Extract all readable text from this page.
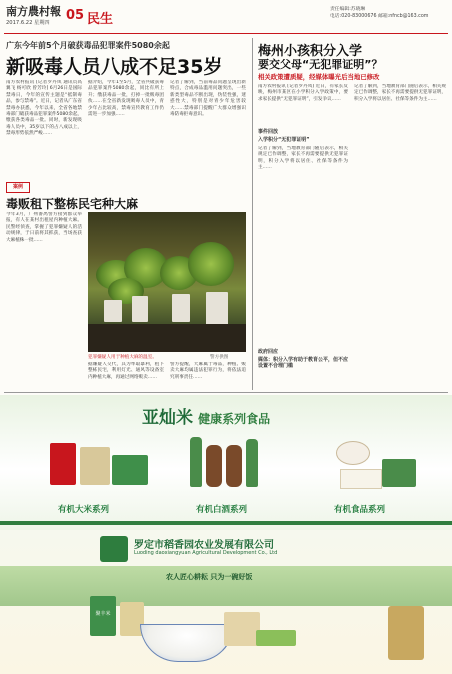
南方農村報
2017.6.22 星期四 05 民生
责任编辑:苏晓琳
电话:020-83000676 邮箱:nfncb@163.com
广东今年前5个月破获毒品犯罪案件5080余起
新吸毒人员八成不足35岁
南方农村报讯 [记者罗丹凤 通讯员高翼飞 杨可欣 曾芳玲] 6月26日是国际禁毒日，今年的宣传主题是“抵制毒品，参与禁毒”。近日，记者从广东省禁毒办获悉，今年以来，全省各地禁毒部门破获毒品犯罪案件5080余起，缴获各类毒品一批。同时，新发现吸毒人员中，35岁以下的占八成以上，禁毒形势依然严峻……
据介绍，今年1至5月，全省共破获毒品犯罪案件5080余起，同比有所上升；缴获毒品一批，打掉一批贩毒团伙……在全省新发现吸毒人员中，青少年占比较高，禁毒宣传教育工作仍需进一步加强……
记者了解到，当前毒品问题呈现出新特点，合成毒品滥用问题突出，一些新类型毒品不断出现，伪装性强，迷惑性大，特别是对青少年危害较大……禁毒部门提醒广大群众增强识毒防毒拒毒意识。
案例
毒贩租下整栋民宅种大麻
今年3月，广州番禺警方接到群众举报，有人在某村出租屋内种植大麻。民警经侦查，掌握了犯罪嫌疑人的活动规律，于日前将其抓获，当场查获大麻植株一批……
犯罪嫌疑人用于种植大麻的温室。	警方供图
据嫌疑人交代，其为牟取暴利，租下整栋民宅，利用灯光、通风等设备室内种植大麻，再通过网络贩卖……
警方提醒，大麻属于毒品，种植、贩卖大麻均属违法犯罪行为，将依法追究刑事责任……
梅州小孩积分入学
要交父母“无犯罪证明”？
相关政策遭质疑，经媒体曝光后当地已修改
南方农村报讯 [记者罗丹凤] 近日，有家长反映，梅州市某区在小学积分入学政策中，要求家长提供“无犯罪证明”，引发争议……
事件回放
入学积分“无犯罪证明”
记者了解到，当地教育部门随后表示，相关规定已作调整，家长不再需要提供无犯罪证明，积分入学将以居住、社保等条件为主……
政府回应
媒体：积分入学有助于教育公平，但不应设置不合理门槛
记者了解到，当地教育部门随后表示，相关规定已作调整，家长不再需要提供无犯罪证明，积分入学将以居住、社保等条件为主……
亚灿米 健康系列食品
有机大米系列	有机白酒系列	有机食品系列
罗定市稻香园农业发展有限公司
Luoding daoxiangyuan Agricultural Development Co., Ltd
农人匠心耕耘 只为一碗好饭
聚丰米
